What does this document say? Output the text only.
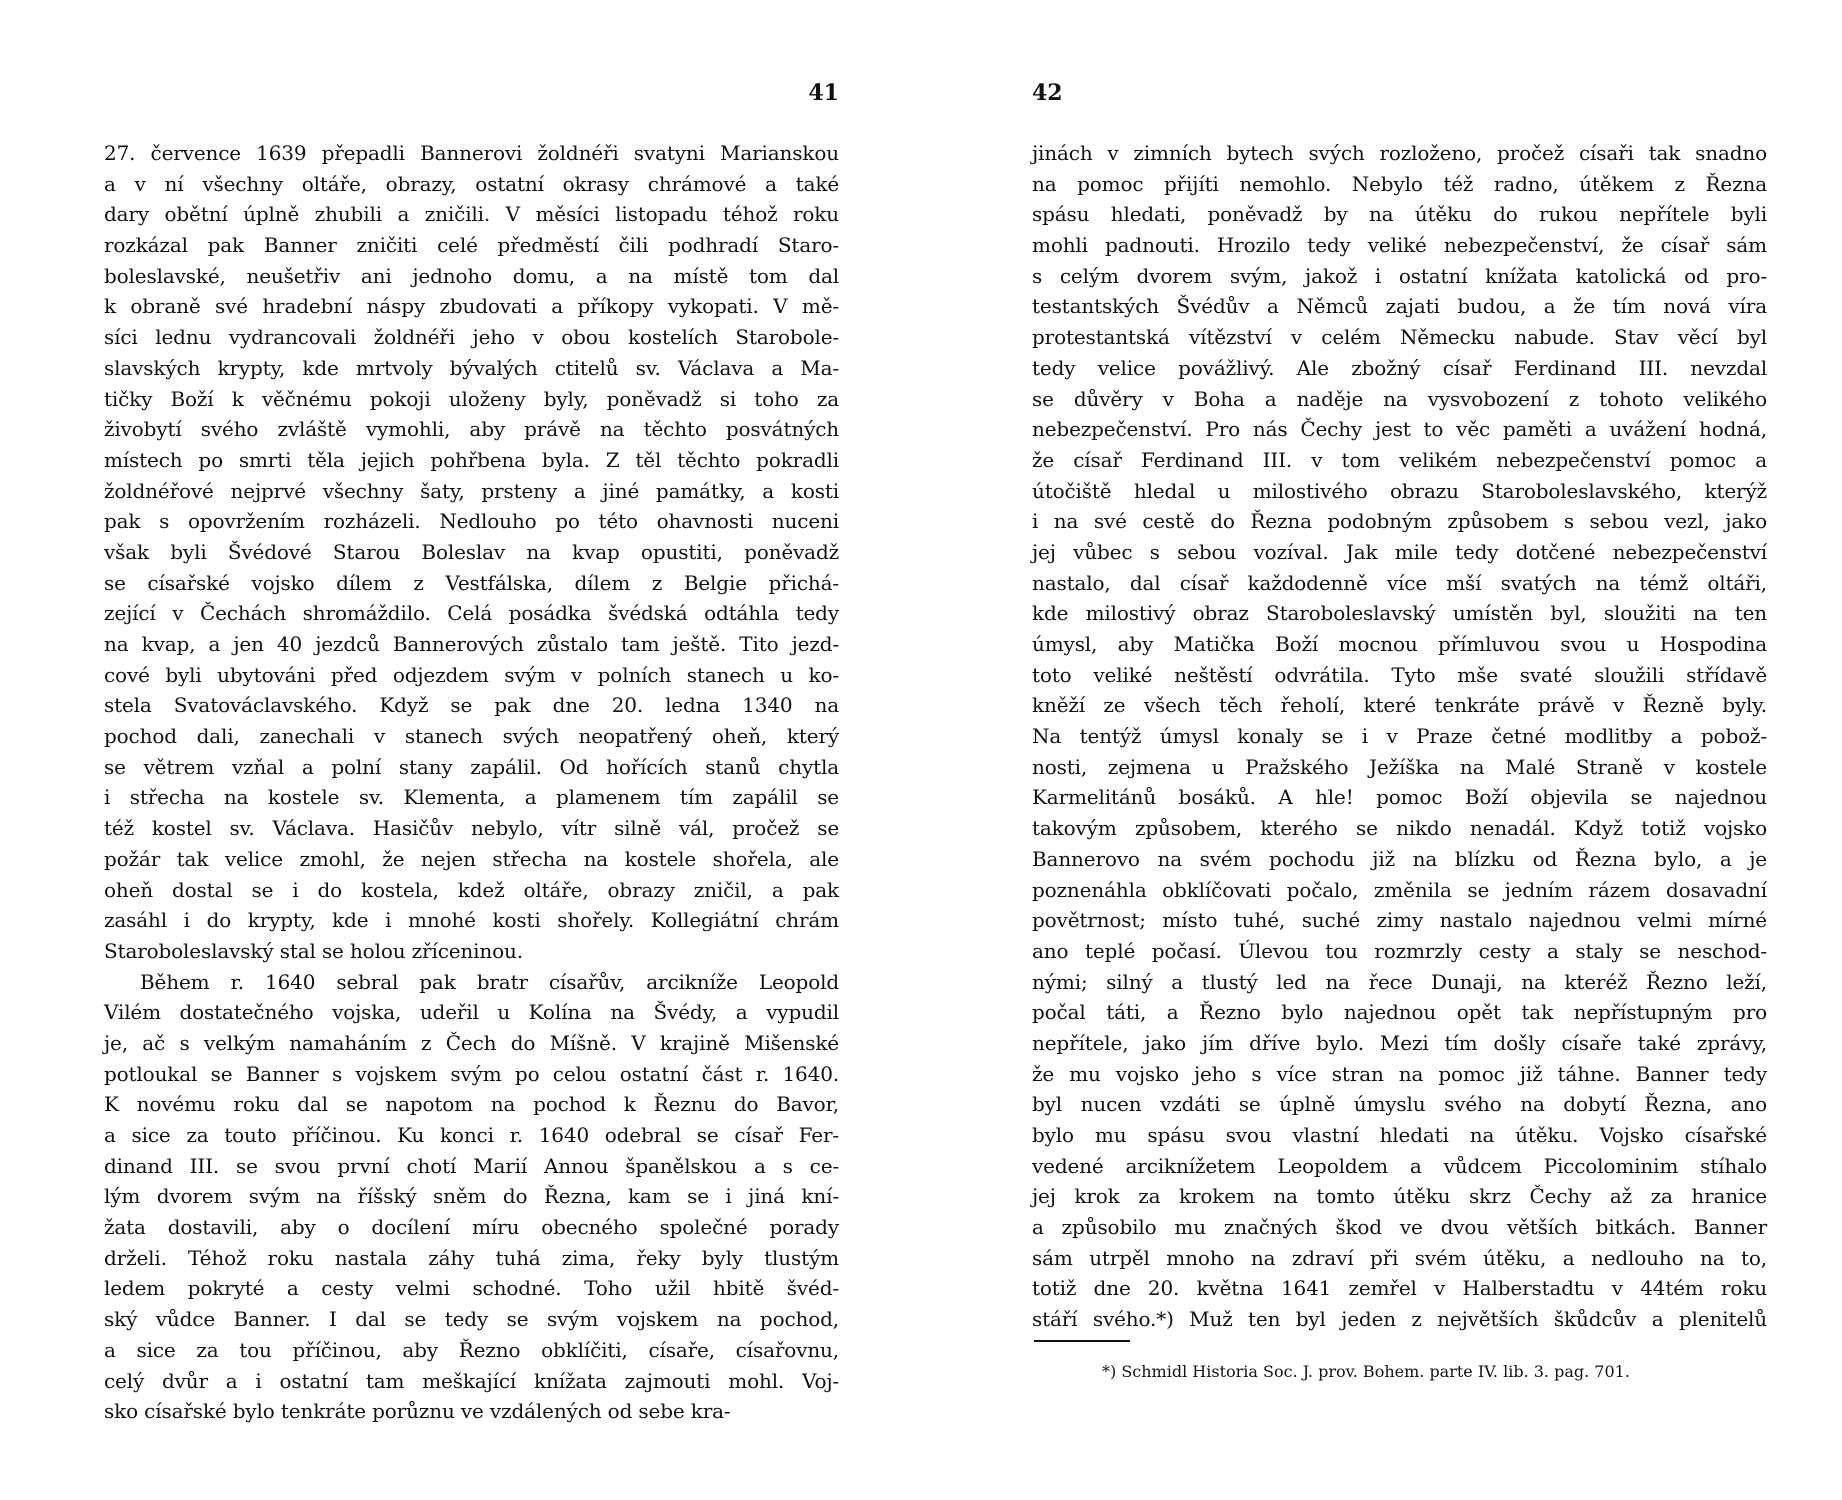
41
27. července 1639 přepadli Bannerovi žoldnéři svatyni Marianskou
a v ní všechny oltáře, obrazy, ostatní okrasy chrámové a také
dary obětní úplně zhubili a zničili. V měsíci listopadu téhož roku
rozkázal pak Banner zničiti celé předměstí čili podhradí Staro-
boleslavské, neušetřiv ani jednoho domu, a na místě tom dal
k obraně své hradební náspy zbudovati a příkopy vykopati. V mě-
síci lednu vydrancovali žoldnéři jeho v obou kostelích Starobole-
slavských krypty, kde mrtvoly bývalých ctitelů sv. Václava a Ma-
tičky Boží k věčnému pokoji uloženy byly, poněvadž si toho za
živobytí svého zvláště vymohli, aby právě na těchto posvátných
místech po smrti těla jejich pohřbena byla. Z těl těchto pokradli
žoldnéřové nejprvé všechny šaty, prsteny a jiné památky, a kosti
pak s opovržením rozházeli. Nedlouho po této ohavnosti nuceni
však byli Švédové Starou Boleslav na kvap opustiti, poněvadž
se císařské vojsko dílem z Vestfálska, dílem z Belgie přichá-
zející v Čechách shromáždilo. Celá posádka švédská odtáhla tedy
na kvap, a jen 40 jezdců Bannerových zůstalo tam ještě. Tito jezd-
cové byli ubytováni před odjezdem svým v polních stanech u ko-
stela Svatováclavského. Když se pak dne 20. ledna 1340 na
pochod dali, zanechali v stanech svých neopatřený oheň, který
se větrem vzňal a polní stany zapálil. Od hořících stanů chytla
i střecha na kostele sv. Klementa, a plamenem tím zapálil se
též kostel sv. Václava. Hasičův nebylo, vítr silně vál, pročež se
požár tak velice zmohl, že nejen střecha na kostele shořela, ale
oheň dostal se i do kostela, kdež oltáře, obrazy zničil, a pak
zasáhl i do krypty, kde i mnohé kosti shořely. Kollegiátní chrám
Staroboleslavský stal se holou zříceninou.
Během r. 1640 sebral pak bratr císařův, arcikníže Leopold
Vilém dostatečného vojska, udeřil u Kolína na Švédy, a vypudil
je, ač s velkým namaháním z Čech do Míšně. V krajině Mišenské
potloukal se Banner s vojskem svým po celou ostatní část r. 1640.
K novému roku dal se napotom na pochod k Řeznu do Bavor,
a sice za touto příčinou. Ku konci r. 1640 odebral se císař Fer-
dinand III. se svou první chotí Marií Annou španělskou a s ce-
lým dvorem svým na říšský sněm do Řezna, kam se i jiná kní-
žata dostavili, aby o docílení míru obecného společné porady
drželi. Téhož roku nastala záhy tuhá zima, řeky byly tlustým
ledem pokryté a cesty velmi schodné. Toho užil hbitě švéd-
ský vůdce Banner. I dal se tedy se svým vojskem na pochod,
a sice za tou příčinou, aby Řezno obklíčiti, císaře, císařovnu,
celý dvůr a i ostatní tam meškající knížata zajmouti mohl. Voj-
sko císařské bylo tenkráte porůznu ve vzdálených od sebe kra-
42
jinách v zimních bytech svých rozloženo, pročež císaři tak snadno
na pomoc přijíti nemohlo. Nebylo též radno, útěkem z Řezna
spásu hledati, poněvadž by na útěku do rukou nepřítele byli
mohli padnouti. Hrozilo tedy veliké nebezpečenství, že císař sám
s celým dvorem svým, jakož i ostatní knížata katolická od pro-
testantských Švédův a Němců zajati budou, a že tím nová víra
protestantská vítězství v celém Německu nabude. Stav věcí byl
tedy velice povážlivý. Ale zbožný císař Ferdinand III. nevzdal
se důvěry v Boha a naděje na vysvobození z tohoto velikého
nebezpečenství. Pro nás Čechy jest to věc paměti a uvážení hodná,
že císař Ferdinand III. v tom velikém nebezpečenství pomoc a
útočiště hledal u milostivého obrazu Staroboleslavského, kterýž
i na své cestě do Řezna podobným způsobem s sebou vezl, jako
jej vůbec s sebou vozíval. Jak mile tedy dotčené nebezpečenství
nastalo, dal císař každodenně více mší svatých na témž oltáři,
kde milostivý obraz Staroboleslavský umístěn byl, sloužiti na ten
úmysl, aby Matička Boží mocnou přímluvou svou u Hospodina
toto veliké neštěstí odvrátila. Tyto mše svaté sloužili střídavě
kněží ze všech těch řeholí, které tenkráte právě v Řezně byly.
Na tentýž úmysl konaly se i v Praze četné modlitby a pobož-
nosti, zejmena u Pražského Ježíška na Malé Straně v kostele
Karmelitánů bosáků. A hle! pomoc Boží objevila se najednou
takovým způsobem, kterého se nikdo nenadál. Když totiž vojsko
Bannerovo na svém pochodu již na blízku od Řezna bylo, a je
poznenáhla obklíčovati počalo, změnila se jedním rázem dosavadní
povětrnost; místo tuhé, suché zimy nastalo najednou velmi mírné
ano teplé počasí. Úlevou tou rozmrzly cesty a staly se neschod-
nými; silný a tlustý led na řece Dunaji, na kteréž Řezno leží,
počal táti, a Řezno bylo najednou opět tak nepřístupným pro
nepřítele, jako jím dříve bylo. Mezi tím došly císaře také zprávy,
že mu vojsko jeho s více stran na pomoc již táhne. Banner tedy
byl nucen vzdáti se úplně úmyslu svého na dobytí Řezna, ano
bylo mu spásu svou vlastní hledati na útěku. Vojsko císařské
vedené arciknížetem Leopoldem a vůdcem Piccolominim stíhalo
jej krok za krokem na tomto útěku skrz Čechy až za hranice
a způsobilo mu značných škod ve dvou větších bitkách. Banner
sám utrpěl mnoho na zdraví při svém útěku, a nedlouho na to,
totiž dne 20. května 1641 zemřel v Halberstadtu v 44tém roku
stáří svého.*) Muž ten byl jeden z největších škůdcův a plenitelů
*) Schmidl Historia Soc. J. prov. Bohem. parte IV. lib. 3. pag. 701.
